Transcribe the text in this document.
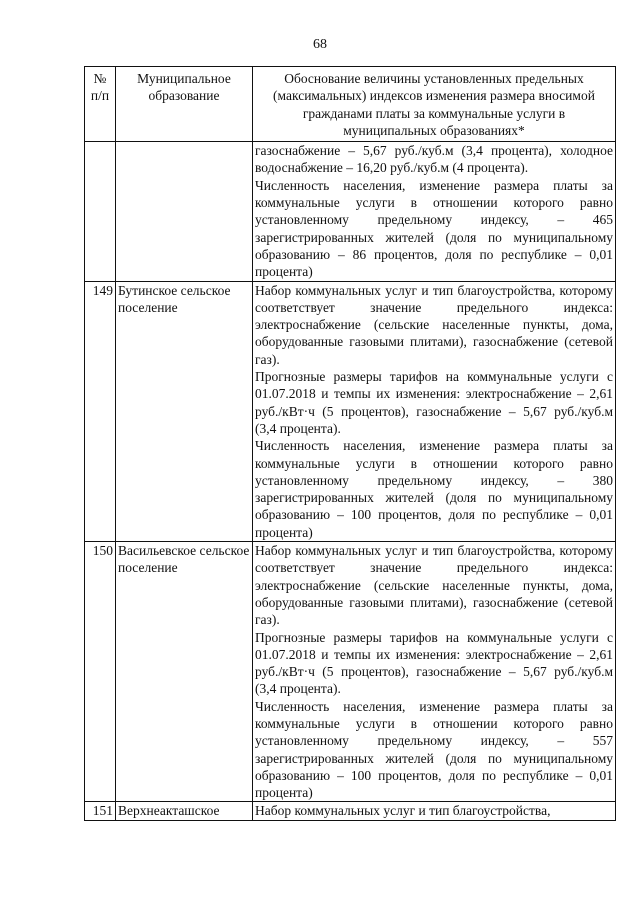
68
№ п/п	Муниципальное образование	Обоснование величины установленных предельных (максимальных) индексов изменения размера вносимой гражданами платы за коммунальные услуги в муниципальных образованиях*

		газоснабжение – 5,67 руб./куб.м (3,4 процента), холодное водоснабжение – 16,20 руб./куб.м (4 процента).

Численность населения, изменение размера платы за коммунальные услуги в отношении которого равно установленному предельному индексу, – 465 зарегистрированных жителей (доля по муниципальному образованию – 86 процентов, доля по республике – 0,01 процента)

149	Бутинское сельское поселение	Набор коммунальных услуг и тип благоустройства, которому соответствует значение предельного индекса: электроснабжение (сельские населенные пункты, дома, оборудованные газовыми плитами), газоснабжение (сетевой газ).

Прогнозные размеры тарифов на коммунальные услуги с 01.07.2018 и темпы их изменения: электроснабжение – 2,61 руб./кВт·ч (5 процентов), газоснабжение – 5,67 руб./куб.м (3,4 процента).

Численность населения, изменение размера платы за коммунальные услуги в отношении которого равно установленному предельному индексу, – 380 зарегистрированных жителей (доля по муниципальному образованию – 100 процентов, доля по республике – 0,01 процента)

150	Васильевское сельское поселение	Набор коммунальных услуг и тип благоустройства, которому соответствует значение предельного индекса: электроснабжение (сельские населенные пункты, дома, оборудованные газовыми плитами), газоснабжение (сетевой газ).

Прогнозные размеры тарифов на коммунальные услуги с 01.07.2018 и темпы их изменения: электроснабжение – 2,61 руб./кВт·ч (5 процентов), газоснабжение – 5,67 руб./куб.м (3,4 процента).

Численность населения, изменение размера платы за коммунальные услуги в отношении которого равно установленному предельному индексу, – 557 зарегистрированных жителей (доля по муниципальному образованию – 100 процентов, доля по республике – 0,01 процента)

151	Верхнеакташское	Набор коммунальных услуг и тип благоустройства,
